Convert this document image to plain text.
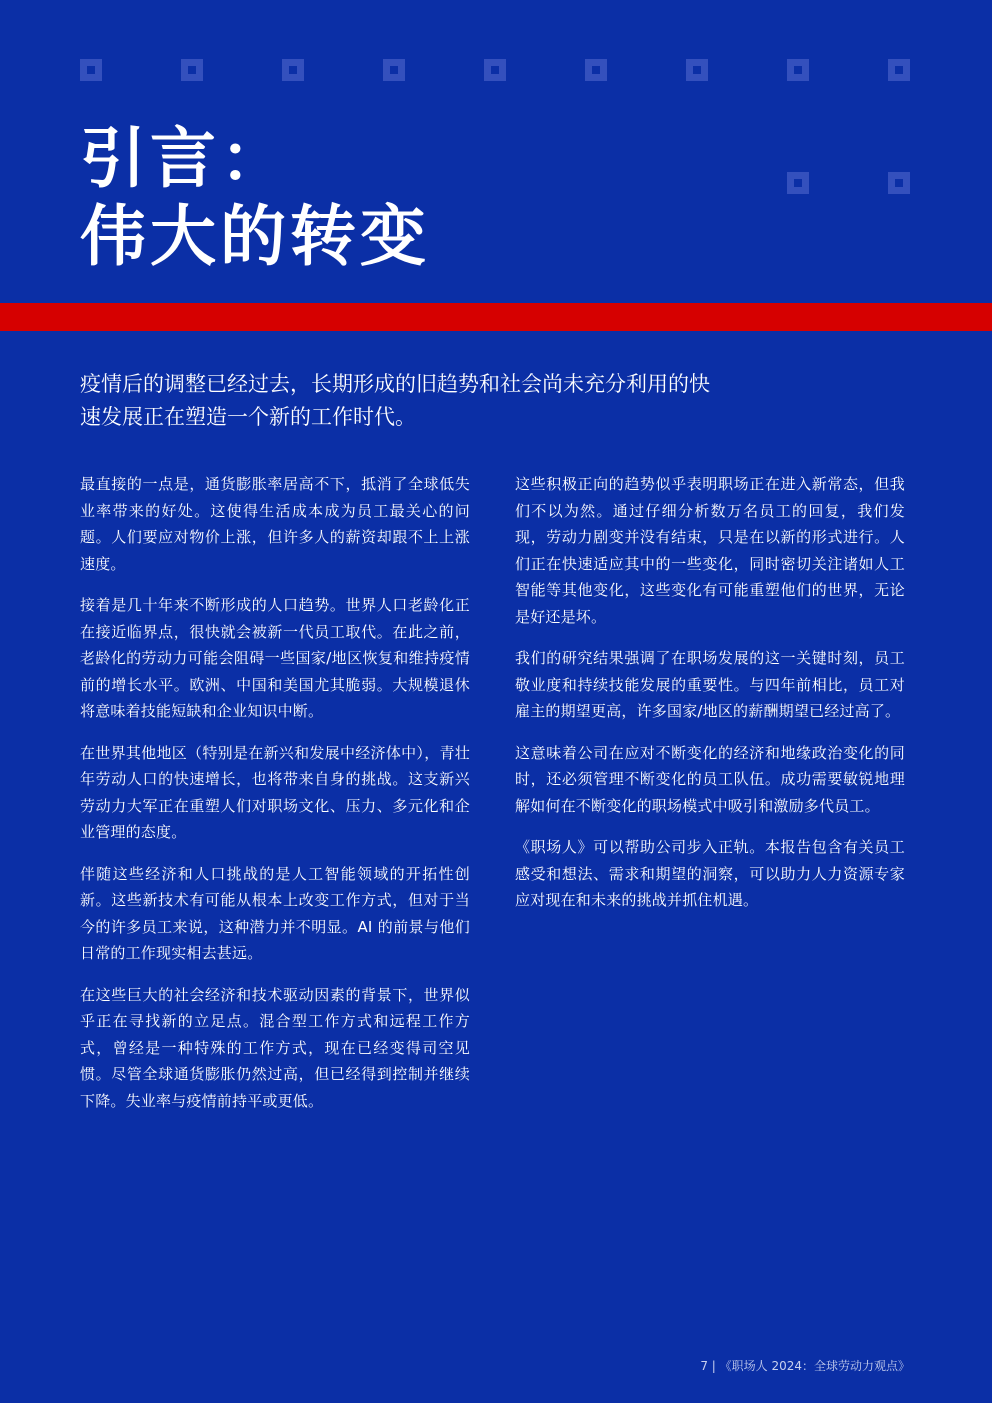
引言：
伟大的转变

疫情后的调整已经过去，长期形成的旧趋势和社会尚未充分利用的快速发展正在塑造一个新的工作时代。

最直接的一点是，通货膨胀率居高不下，抵消了全球低失业率带来的好处。这使得生活成本成为员工最关心的问题。人们要应对物价上涨，但许多人的薪资却跟不上上涨速度。

接着是几十年来不断形成的人口趋势。世界人口老龄化正在接近临界点，很快就会被新一代员工取代。在此之前，老龄化的劳动力可能会阻碍一些国家/地区恢复和维持疫情前的增长水平。欧洲、中国和美国尤其脆弱。大规模退休将意味着技能短缺和企业知识中断。

在世界其他地区（特别是在新兴和发展中经济体中），青壮年劳动人口的快速增长，也将带来自身的挑战。这支新兴劳动力大军正在重塑人们对职场文化、压力、多元化和企业管理的态度。

伴随这些经济和人口挑战的是人工智能领域的开拓性创新。这些新技术有可能从根本上改变工作方式，但对于当今的许多员工来说，这种潜力并不明显。AI 的前景与他们日常的工作现实相去甚远。

在这些巨大的社会经济和技术驱动因素的背景下，世界似乎正在寻找新的立足点。混合型工作方式和远程工作方式，曾经是一种特殊的工作方式，现在已经变得司空见惯。尽管全球通货膨胀仍然过高，但已经得到控制并继续下降。失业率与疫情前持平或更低。

这些积极正向的趋势似乎表明职场正在进入新常态，但我们不以为然。通过仔细分析数万名员工的回复，我们发现，劳动力剧变并没有结束，只是在以新的形式进行。人们正在快速适应其中的一些变化，同时密切关注诸如人工智能等其他变化，这些变化有可能重塑他们的世界，无论是好还是坏。

我们的研究结果强调了在职场发展的这一关键时刻，员工敬业度和持续技能发展的重要性。与四年前相比，员工对雇主的期望更高，许多国家/地区的薪酬期望已经过高了。

这意味着公司在应对不断变化的经济和地缘政治变化的同时，还必须管理不断变化的员工队伍。成功需要敏锐地理解如何在不断变化的职场模式中吸引和激励多代员工。

《职场人》可以帮助公司步入正轨。本报告包含有关员工感受和想法、需求和期望的洞察，可以助力人力资源专家应对现在和未来的挑战并抓住机遇。

7 | 《职场人 2024：全球劳动力观点》
